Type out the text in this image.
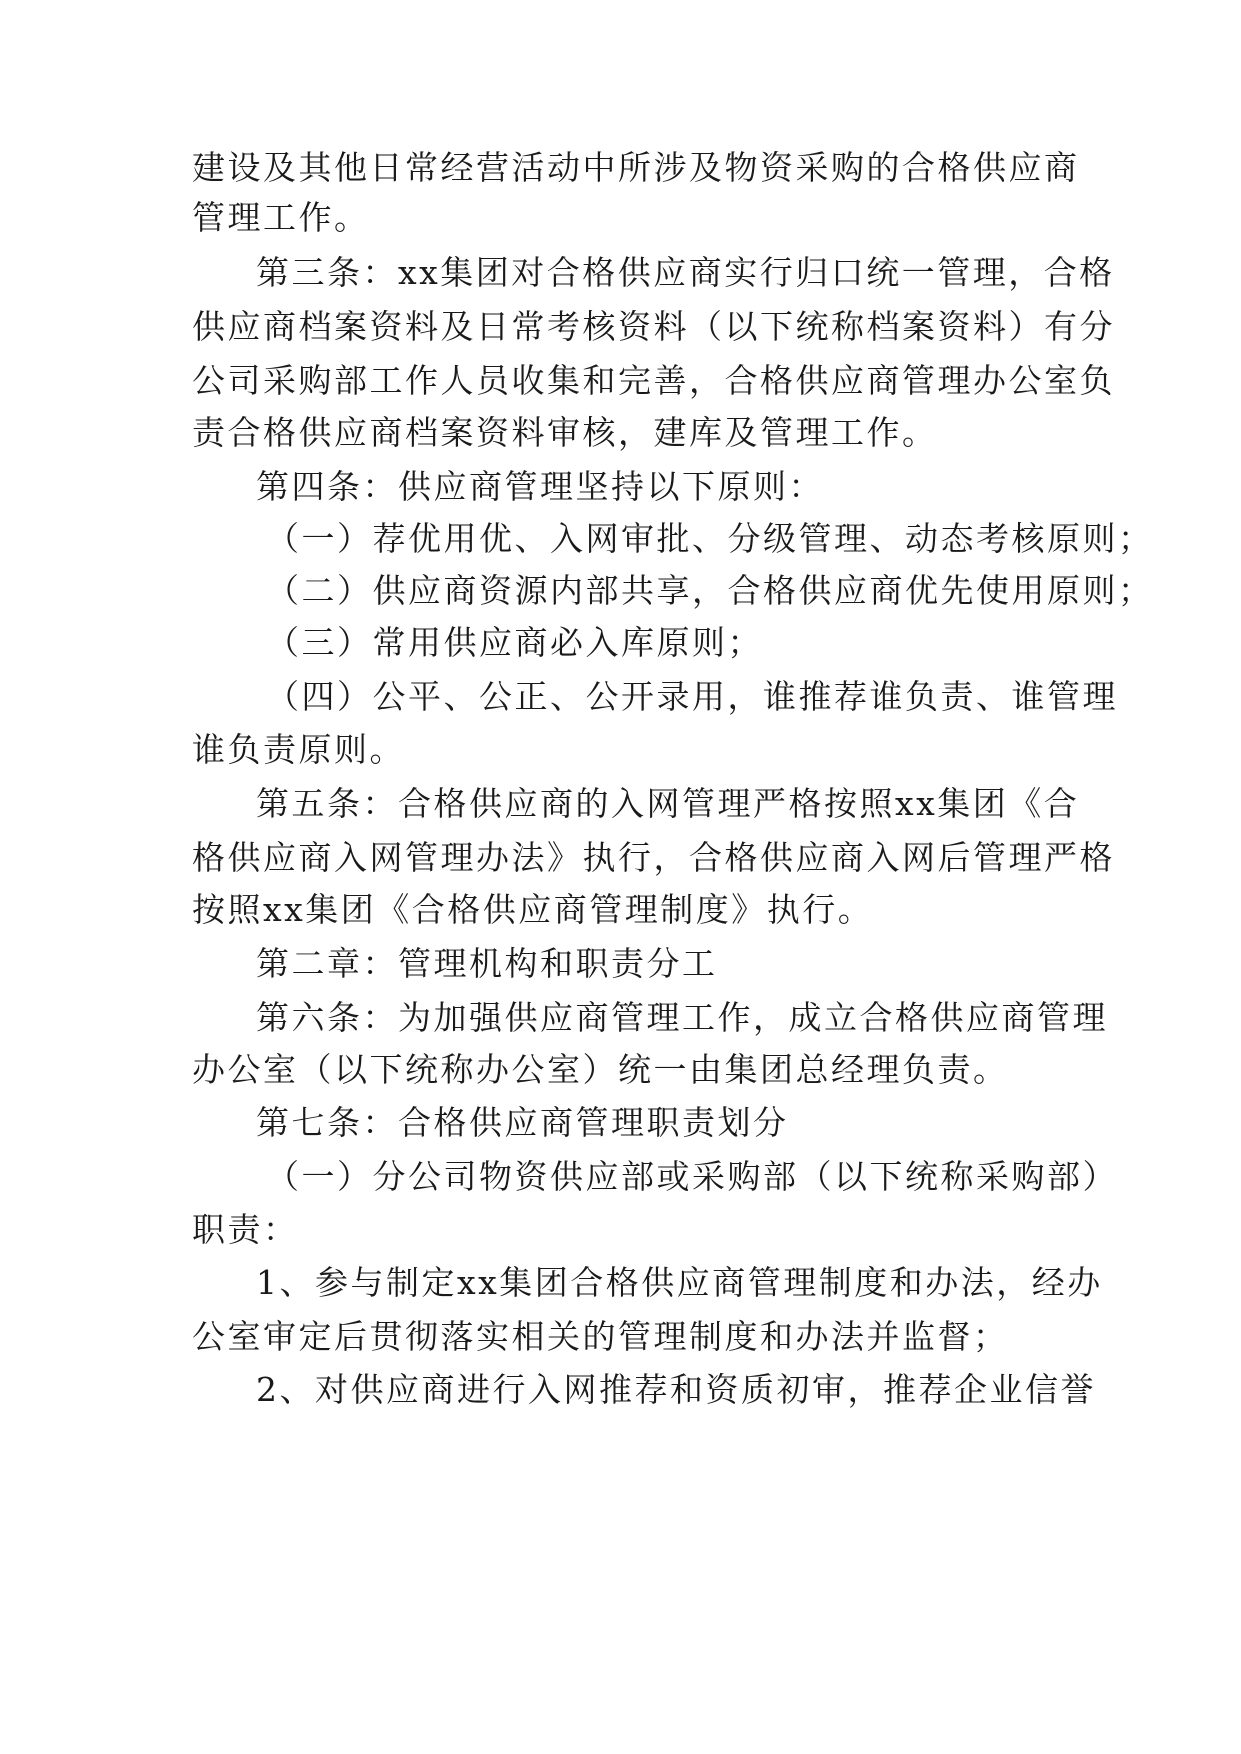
建设及其他日常经营活动中所涉及物资采购的合格供应商
管理工作。
第三条：xx集团对合格供应商实行归口统一管理，合格
供应商档案资料及日常考核资料（以下统称档案资料）有分
公司采购部工作人员收集和完善，合格供应商管理办公室负
责合格供应商档案资料审核，建库及管理工作。
第四条：供应商管理坚持以下原则：
（一）荐优用优、入网审批、分级管理、动态考核原则；
（二）供应商资源内部共享，合格供应商优先使用原则；
（三）常用供应商必入库原则；
（四）公平、公正、公开录用，谁推荐谁负责、谁管理
谁负责原则。
第五条：合格供应商的入网管理严格按照xx集团《合
格供应商入网管理办法》执行，合格供应商入网后管理严格
按照xx集团《合格供应商管理制度》执行。
第二章：管理机构和职责分工
第六条：为加强供应商管理工作，成立合格供应商管理
办公室（以下统称办公室）统一由集团总经理负责。
第七条：合格供应商管理职责划分
（一）分公司物资供应部或采购部（以下统称采购部）
职责：
1、参与制定xx集团合格供应商管理制度和办法，经办
公室审定后贯彻落实相关的管理制度和办法并监督；
2、对供应商进行入网推荐和资质初审，推荐企业信誉
